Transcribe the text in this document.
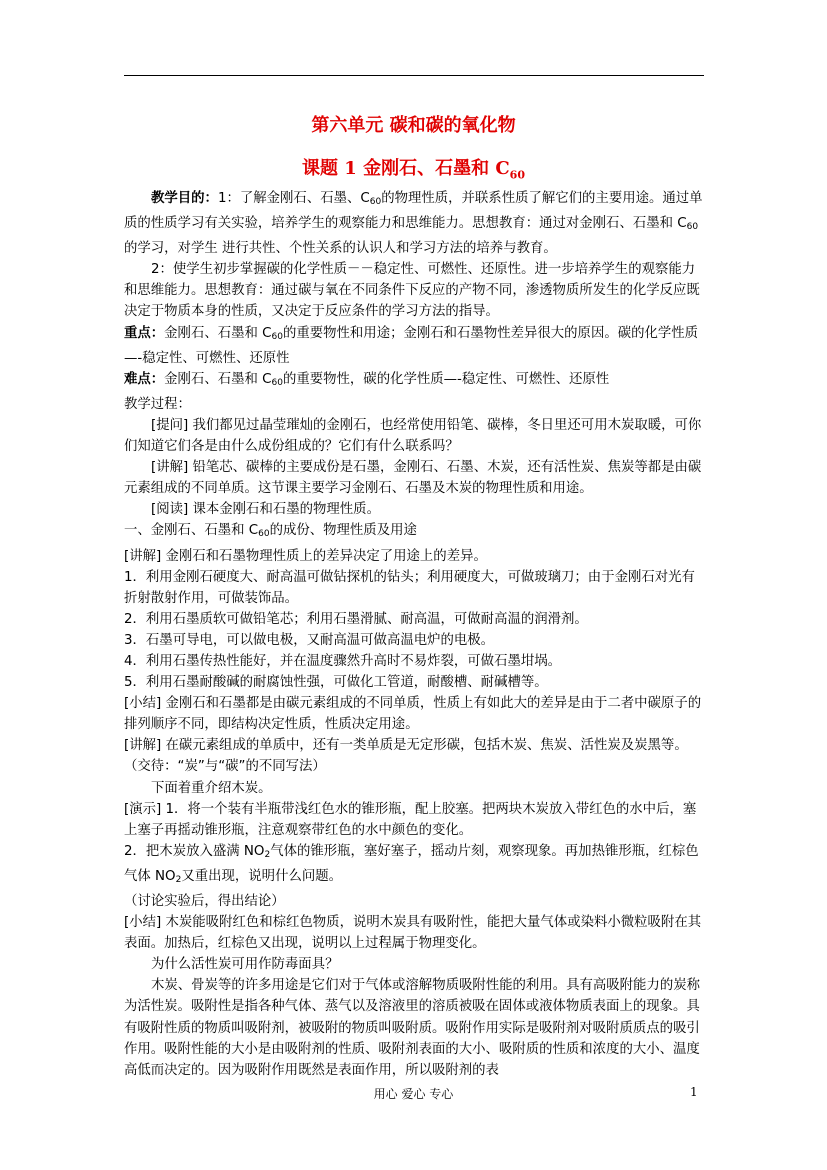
第六单元 碳和碳的氧化物
课题 1 金刚石、石墨和 $C_{60}$

教学目的：1：了解金刚石、石墨、$C_{60}$的物理性质，并联系性质了解它们的主要用途。通过单质的性质学习有关实验，培养学生的观察能力和思维能力。思想教育：通过对金刚石、石墨和 $C_{60}$的学习，对学生 进行共性、个性关系的认识人和学习方法的培养与教育。

2：使学生初步掌握碳的化学性质－－稳定性、可燃性、还原性。进一步培养学生的观察能力和思维能力。思想教育：通过碳与氧在不同条件下反应的产物不同，渗透物质所发生的化学反应既决定于物质本身的性质，又决定于反应条件的学习方法的指导。

重点：金刚石、石墨和 $C_{60}$的重要物性和用途；金刚石和石墨物性差异很大的原因。碳的化学性质—-稳定性、可燃性、还原性

难点：金刚石、石墨和 $C_{60}$的重要物性，碳的化学性质—-稳定性、可燃性、还原性

教学过程：

[提问] 我们都见过晶莹璀灿的金刚石，也经常使用铅笔、碳棒，冬日里还可用木炭取暖，可你们知道它们各是由什么成份组成的？它们有什么联系吗？

[讲解] 铅笔芯、碳棒的主要成份是石墨，金刚石、石墨、木炭，还有活性炭、焦炭等都是由碳元素组成的不同单质。这节课主要学习金刚石、石墨及木炭的物理性质和用途。

[阅读] 课本金刚石和石墨的物理性质。

一、金刚石、石墨和 $C_{60}$的成份、物理性质及用途

[讲解] 金刚石和石墨物理性质上的差异决定了用途上的差异。

1．利用金刚石硬度大、耐高温可做钻探机的钻头；利用硬度大，可做玻璃刀；由于金刚石对光有折射散射作用，可做装饰品。

2．利用石墨质软可做铅笔芯；利用石墨滑腻、耐高温，可做耐高温的润滑剂。

3．石墨可导电，可以做电极，又耐高温可做高温电炉的电极。

4．利用石墨传热性能好，并在温度骤然升高时不易炸裂，可做石墨坩埚。

5．利用石墨耐酸碱的耐腐蚀性强，可做化工管道，耐酸槽、耐碱槽等。

[小结] 金刚石和石墨都是由碳元素组成的不同单质，性质上有如此大的差异是由于二者中碳原子的排列顺序不同，即结构决定性质，性质决定用途。

[讲解] 在碳元素组成的单质中，还有一类单质是无定形碳，包括木炭、焦炭、活性炭及炭黑等。（交待：“炭”与“碳”的不同写法）

下面着重介绍木炭。

[演示] 1．将一个装有半瓶带浅红色水的锥形瓶，配上胶塞。把两块木炭放入带红色的水中后，塞上塞子再摇动锥形瓶，注意观察带红色的水中颜色的变化。

2．把木炭放入盛满 $NO_2$气体的锥形瓶，塞好塞子，摇动片刻，观察现象。再加热锥形瓶，红棕色气体 $NO_2$又重出现，说明什么问题。

（讨论实验后，得出结论）

[小结] 木炭能吸附红色和棕红色物质，说明木炭具有吸附性，能把大量气体或染料小微粒吸附在其表面。加热后，红棕色又出现，说明以上过程属于物理变化。

为什么活性炭可用作防毒面具？

木炭、骨炭等的许多用途是它们对于气体或溶解物质吸附性能的利用。具有高吸附能力的炭称为活性炭。吸附性是指各种气体、蒸气以及溶液里的溶质被吸在固体或液体物质表面上的现象。具有吸附性质的物质叫吸附剂，被吸附的物质叫吸附质。吸附作用实际是吸附剂对吸附质质点的吸引作用。吸附性能的大小是由吸附剂的性质、吸附剂表面的大小、吸附质的性质和浓度的大小、温度高低而决定的。因为吸附作用既然是表面作用，所以吸附剂的表

用心 爱心 专心	1
